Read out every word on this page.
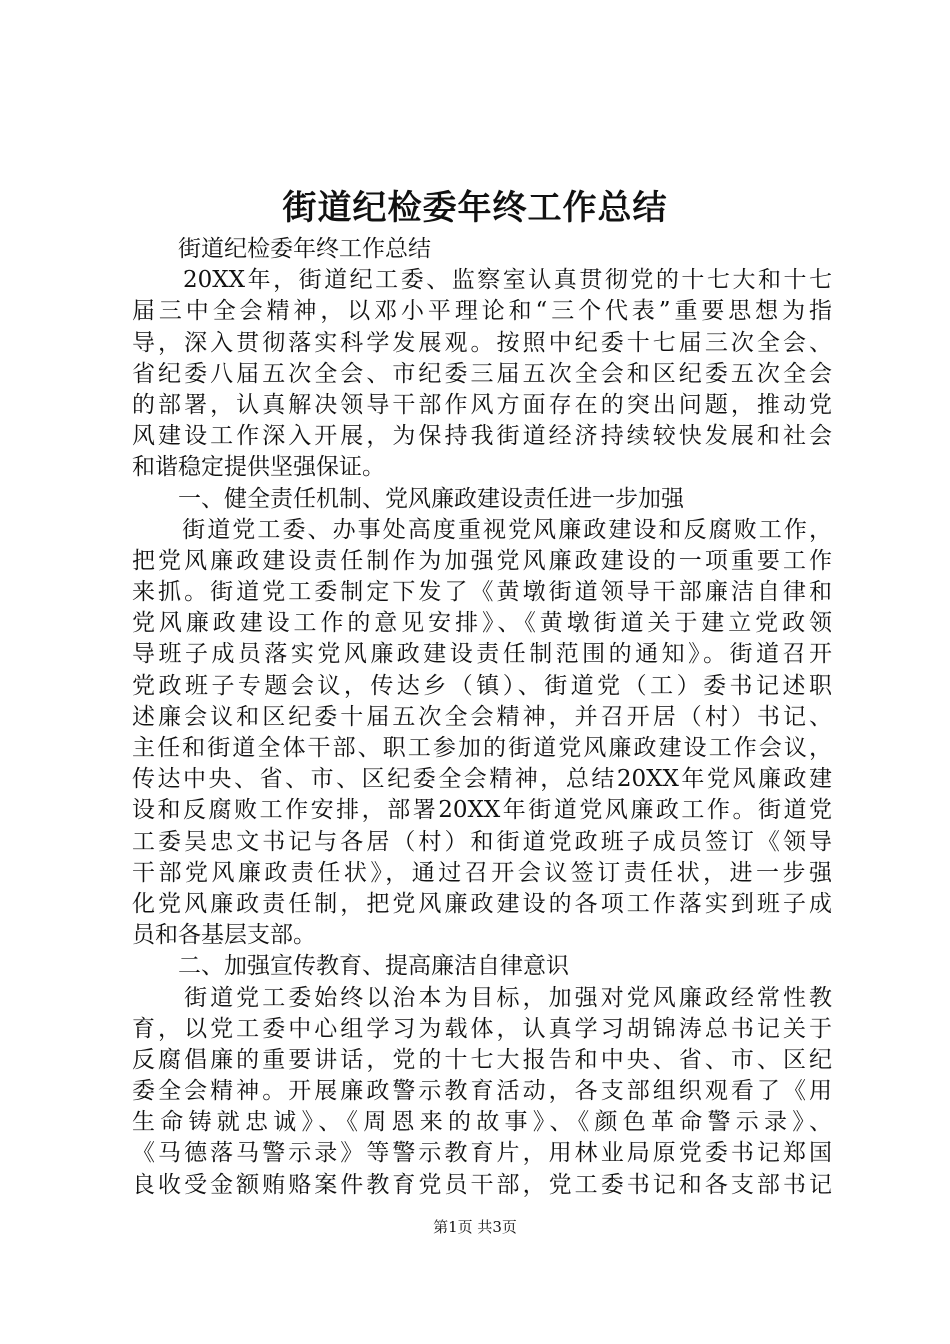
街道纪检委年终工作总结
　　街道纪检委年终工作总结
　　20XX年，街道纪工委、监察室认真贯彻党的十七大和十七
届三中全会精神，以邓小平理论和“三个代表”重要思想为指
导，深入贯彻落实科学发展观。按照中纪委十七届三次全会、
省纪委八届五次全会、市纪委三届五次全会和区纪委五次全会
的部署，认真解决领导干部作风方面存在的突出问题，推动党
风建设工作深入开展，为保持我街道经济持续较快发展和社会
和谐稳定提供坚强保证。
　　一、健全责任机制、党风廉政建设责任进一步加强
　　街道党工委、办事处高度重视党风廉政建设和反腐败工作，
把党风廉政建设责任制作为加强党风廉政建设的一项重要工作
来抓。街道党工委制定下发了《黄墩街道领导干部廉洁自律和
党风廉政建设工作的意见安排》、《黄墩街道关于建立党政领
导班子成员落实党风廉政建设责任制范围的通知》。街道召开
党政班子专题会议，传达乡（镇）、街道党（工）委书记述职
述廉会议和区纪委十届五次全会精神，并召开居（村）书记、
主任和街道全体干部、职工参加的街道党风廉政建设工作会议，
传达中央、省、市、区纪委全会精神，总结20XX年党风廉政建
设和反腐败工作安排，部署20XX年街道党风廉政工作。街道党
工委吴忠文书记与各居（村）和街道党政班子成员签订《领导
干部党风廉政责任状》，通过召开会议签订责任状，进一步强
化党风廉政责任制，把党风廉政建设的各项工作落实到班子成
员和各基层支部。
　　二、加强宣传教育、提高廉洁自律意识
　　街道党工委始终以治本为目标，加强对党风廉政经常性教
育，以党工委中心组学习为载体，认真学习胡锦涛总书记关于
反腐倡廉的重要讲话，党的十七大报告和中央、省、市、区纪
委全会精神。开展廉政警示教育活动，各支部组织观看了《用
生命铸就忠诚》、《周恩来的故事》、《颜色革命警示录》、
《马德落马警示录》等警示教育片，用林业局原党委书记郑国
良收受金额贿赂案件教育党员干部，党工委书记和各支部书记
第1页 共3页
